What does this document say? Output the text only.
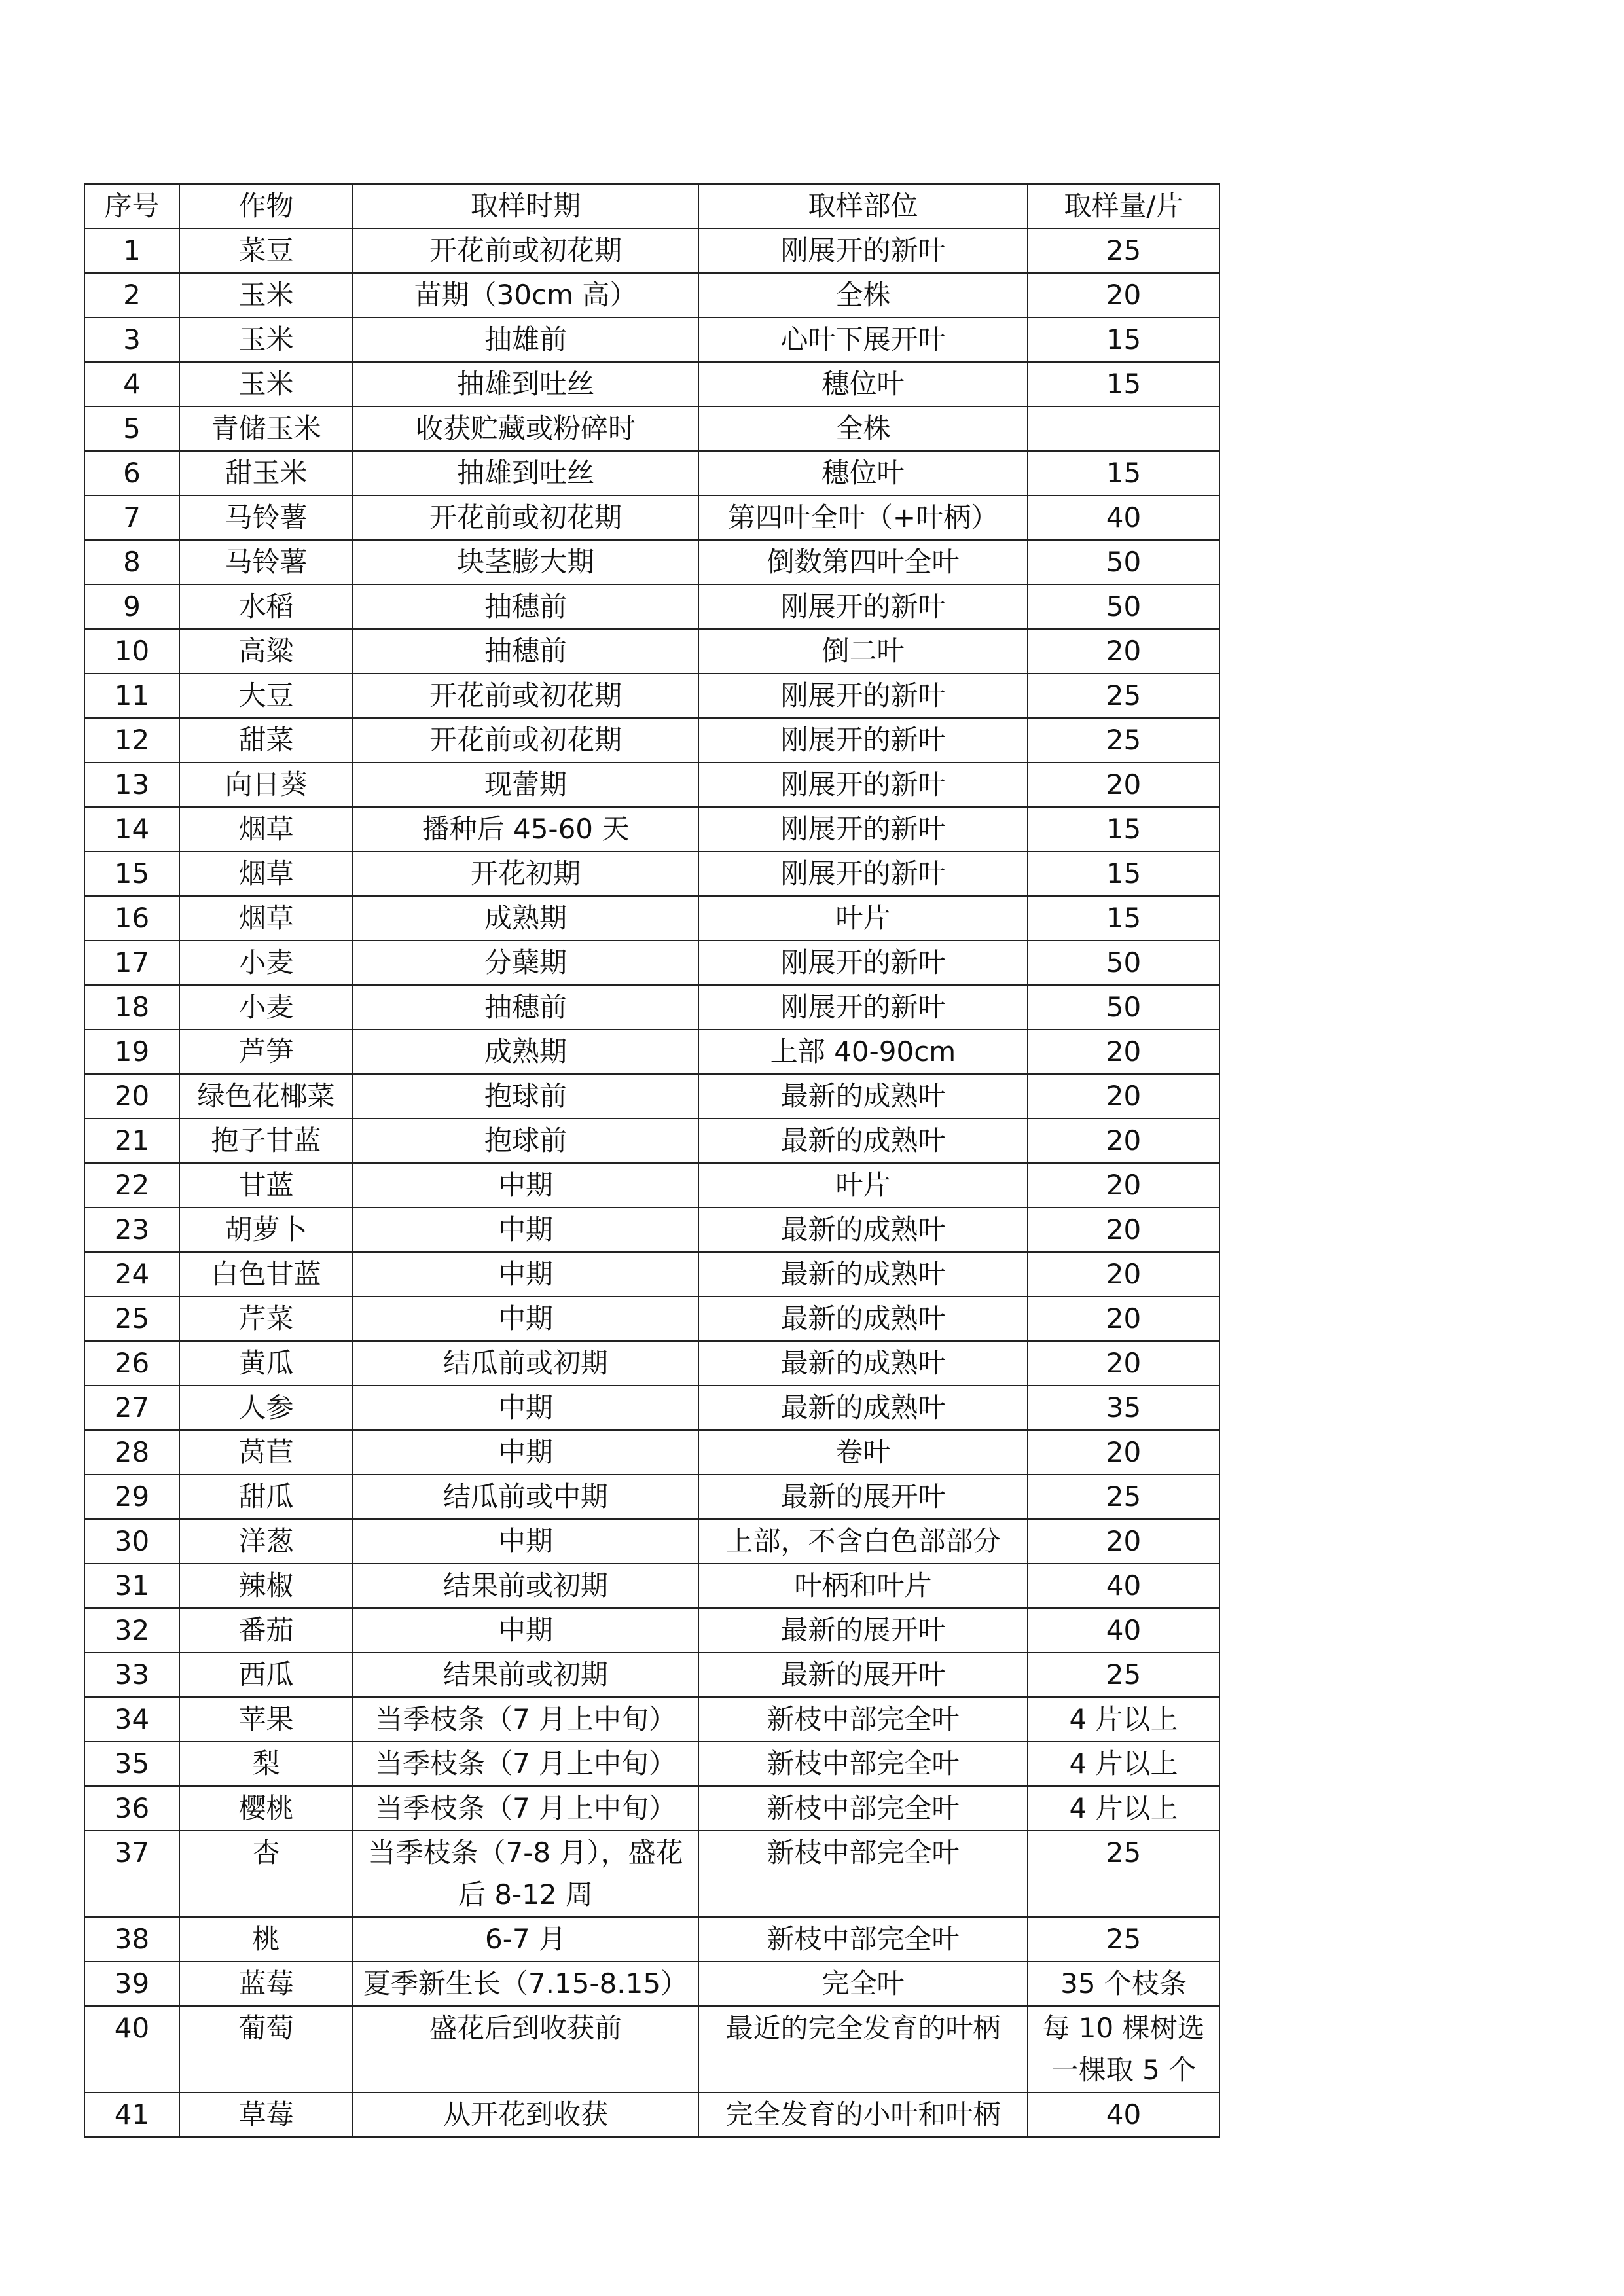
序号	作物	取样时期	取样部位	取样量/片
1	菜豆	开花前或初花期	刚展开的新叶	25
2	玉米	苗期（30cm 高）	全株	20
3	玉米	抽雄前	心叶下展开叶	15
4	玉米	抽雄到吐丝	穗位叶	15
5	青储玉米	收获贮藏或粉碎时	全株	
6	甜玉米	抽雄到吐丝	穗位叶	15
7	马铃薯	开花前或初花期	第四叶全叶（+叶柄）	40
8	马铃薯	块茎膨大期	倒数第四叶全叶	50
9	水稻	抽穗前	刚展开的新叶	50
10	高粱	抽穗前	倒二叶	20
11	大豆	开花前或初花期	刚展开的新叶	25
12	甜菜	开花前或初花期	刚展开的新叶	25
13	向日葵	现蕾期	刚展开的新叶	20
14	烟草	播种后 45-60 天	刚展开的新叶	15
15	烟草	开花初期	刚展开的新叶	15
16	烟草	成熟期	叶片	15
17	小麦	分蘖期	刚展开的新叶	50
18	小麦	抽穗前	刚展开的新叶	50
19	芦笋	成熟期	上部 40-90cm	20
20	绿色花椰菜	抱球前	最新的成熟叶	20
21	抱子甘蓝	抱球前	最新的成熟叶	20
22	甘蓝	中期	叶片	20
23	胡萝卜	中期	最新的成熟叶	20
24	白色甘蓝	中期	最新的成熟叶	20
25	芹菜	中期	最新的成熟叶	20
26	黄瓜	结瓜前或初期	最新的成熟叶	20
27	人参	中期	最新的成熟叶	35
28	莴苣	中期	卷叶	20
29	甜瓜	结瓜前或中期	最新的展开叶	25
30	洋葱	中期	上部，不含白色部部分	20
31	辣椒	结果前或初期	叶柄和叶片	40
32	番茄	中期	最新的展开叶	40
33	西瓜	结果前或初期	最新的展开叶	25
34	苹果	当季枝条（7 月上中旬）	新枝中部完全叶	4 片以上
35	梨	当季枝条（7 月上中旬）	新枝中部完全叶	4 片以上
36	樱桃	当季枝条（7 月上中旬）	新枝中部完全叶	4 片以上
37	杏	当季枝条（7-8 月），盛花后 8-12 周	新枝中部完全叶	25
38	桃	6-7 月	新枝中部完全叶	25
39	蓝莓	夏季新生长（7.15-8.15）	完全叶	35 个枝条
40	葡萄	盛花后到收获前	最近的完全发育的叶柄	每 10 棵树选一棵取 5 个
41	草莓	从开花到收获	完全发育的小叶和叶柄	40
